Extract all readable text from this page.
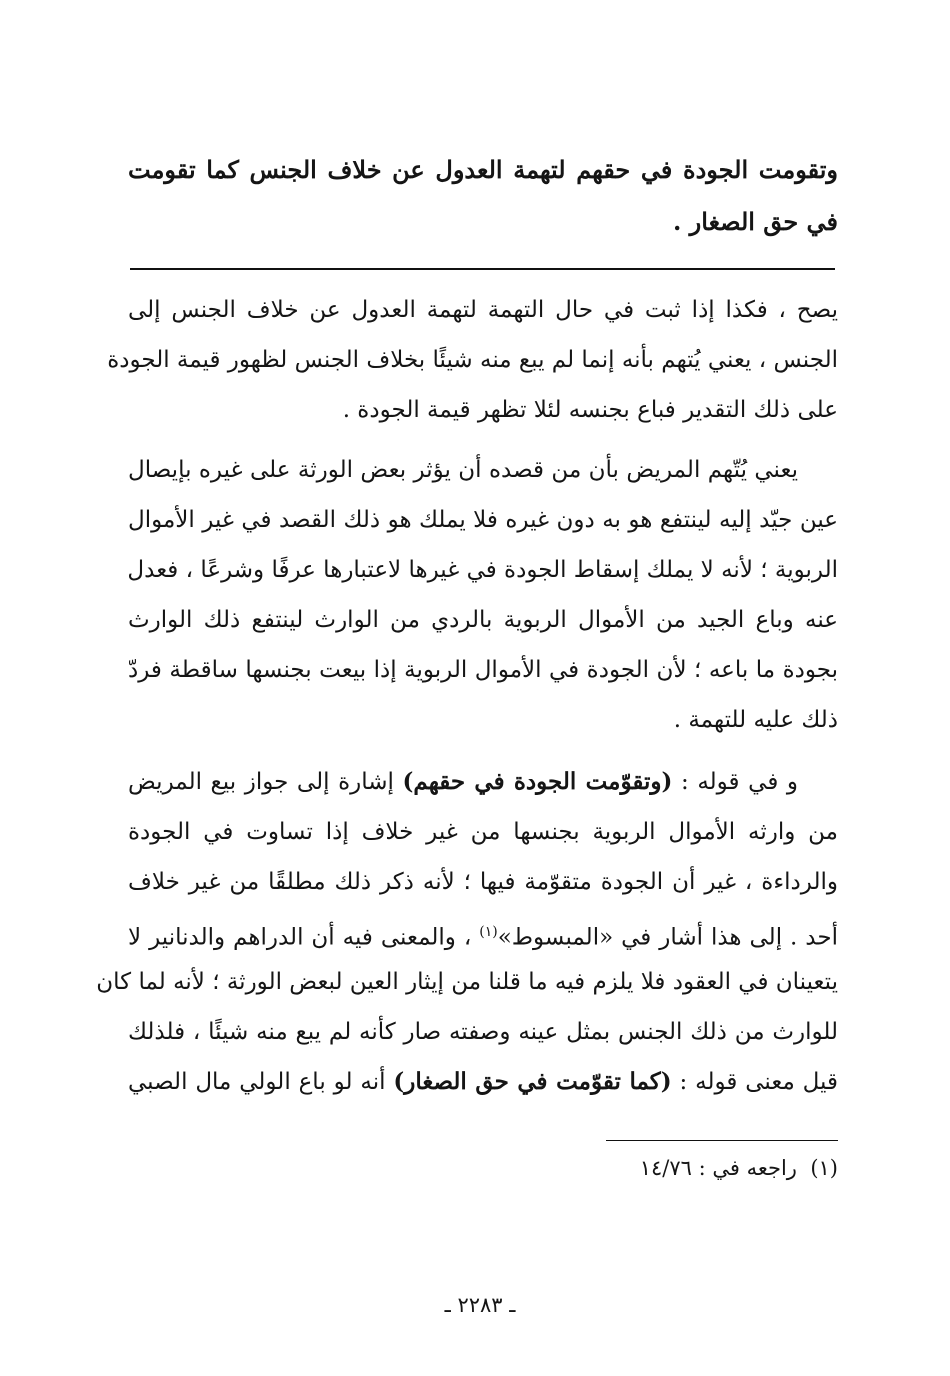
وتقومت الجودة في حقهم لتهمة العدول عن خلاف الجنس كما تقومت
في حق الصغار .
يصح ، فكذا إذا ثبت في حال التهمة لتهمة العدول عن خلاف الجنس إلى
الجنس ، يعني يُتهم بأنه إنما لم يبع منه شيئًا بخلاف الجنس لظهور قيمة الجودة
على ذلك التقدير فباع بجنسه لئلا تظهر قيمة الجودة .
يعني يُتّهم المريض بأن من قصده أن يؤثر بعض الورثة على غيره بإيصال
عين جيّد إليه لينتفع هو به دون غيره فلا يملك هو ذلك القصد في غير الأموال
الربوية ؛ لأنه لا يملك إسقاط الجودة في غيرها لاعتبارها عرفًا وشرعًا ، فعدل
عنه وباع الجيد من الأموال الربوية بالردي من الوارث لينتفع ذلك الوارث
بجودة ما باعه ؛ لأن الجودة في الأموال الربوية إذا بيعت بجنسها ساقطة فردّ
ذلك عليه للتهمة .
و في قوله : (وتقوّمت الجودة في حقهم) إشارة إلى جواز بيع المريض
من وارثه الأموال الربوية بجنسها من غير خلاف إذا تساوت في الجودة
والرداءة ، غير أن الجودة متقوّمة فيها ؛ لأنه ذكر ذلك مطلقًا من غير خلاف
أحد . إلى هذا أشار في «المبسوط»$^{(١)}$ ، والمعنى فيه أن الدراهم والدنانير لا
يتعينان في العقود فلا يلزم فيه ما قلنا من إيثار العين لبعض الورثة ؛ لأنه لما كان
للوارث من ذلك الجنس بمثل عينه وصفته صار كأنه لم يبع منه شيئًا ، فلذلك
قيل معنى قوله : (كما تقوّمت في حق الصغار) أنه لو باع الولي مال الصبي
(١)  راجعه في : ١٤/٧٦
ـ ٢٢٨٣ ـ
